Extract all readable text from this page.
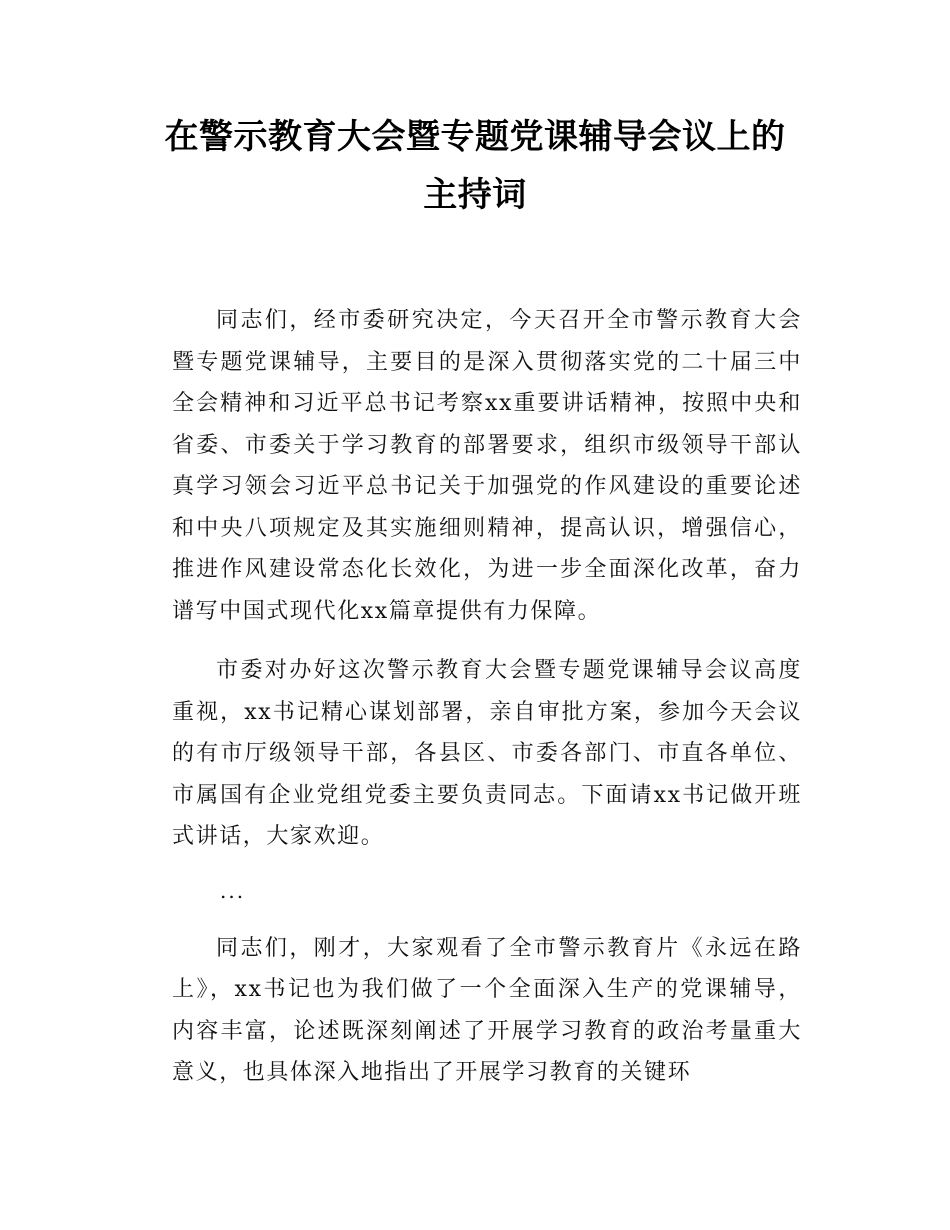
在警示教育大会暨专题党课辅导会议上的主持词

同志们，经市委研究决定，今天召开全市警示教育大会暨专题党课辅导，主要目的是深入贯彻落实党的二十届三中全会精神和习近平总书记考察xx重要讲话精神，按照中央和省委、市委关于学习教育的部署要求，组织市级领导干部认真学习领会习近平总书记关于加强党的作风建设的重要论述和中央八项规定及其实施细则精神，提高认识，增强信心，推进作风建设常态化长效化，为进一步全面深化改革，奋力谱写中国式现代化xx篇章提供有力保障。

市委对办好这次警示教育大会暨专题党课辅导会议高度重视，xx书记精心谋划部署，亲自审批方案，参加今天会议的有市厅级领导干部，各县区、市委各部门、市直各单位、市属国有企业党组党委主要负责同志。下面请xx书记做开班式讲话，大家欢迎。

...

同志们，刚才，大家观看了全市警示教育片《永远在路上》，xx书记也为我们做了一个全面深入生产的党课辅导，内容丰富，论述既深刻阐述了开展学习教育的政治考量重大意义，也具体深入地指出了开展学习教育的关键环
